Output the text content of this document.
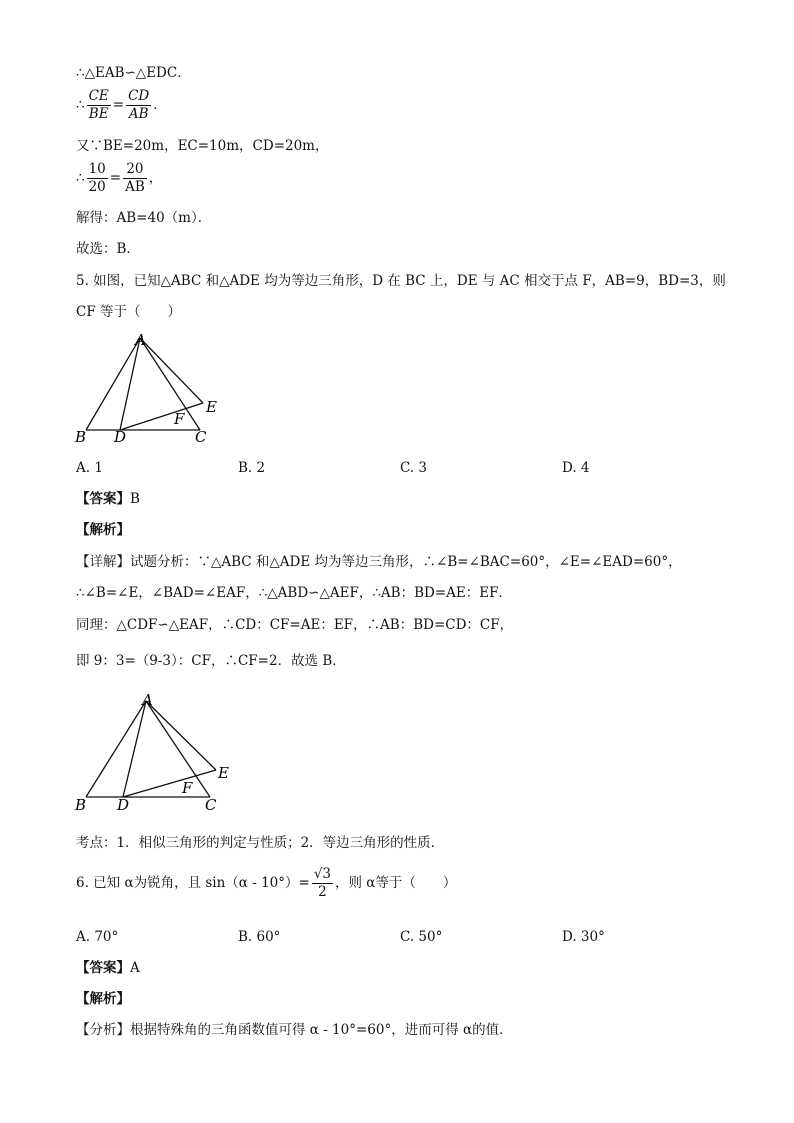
∴△EAB∽△EDC．
∴ $\frac{CE}{BE} = \frac{CD}{AB}$ ．
又∵BE=20m，EC=10m，CD=20m，
∴ $\frac{10}{20} = \frac{20}{AB}$ ，
解得：AB=40（m）．
故选：B．
5. 如图，已知△ABC 和△ADE 均为等边三角形，D 在 BC 上，DE 与 AC 相交于点 F，AB=9，BD=3，则
CF 等于（　　）
A
B D	C
E
F
A. 1	B. 2	C. 3	D. 4
【答案】B
【解析】
【详解】试题分析：∵△ABC 和△ADE 均为等边三角形，∴∠B=∠BAC=60°，∠E=∠EAD=60°，
∴∠B=∠E，∠BAD=∠EAF，∴△ABD∽△AEF，∴AB：BD=AE：EF．
同理：△CDF∽△EAF，∴CD：CF=AE：EF，∴AB：BD=CD：CF，
即 9：3=（9-3）：CF，∴CF=2．故选 B．
A
B D	C
E
F
考点：1．相似三角形的判定与性质；2．等边三角形的性质．
6. 已知 α为锐角，且 $\sin(\alpha - 10^\circ)= \frac{√3}{2}$ ，则 α等于（　　）
A. 70°	B. 60°	C. 50°	D. 30°
【答案】A
【解析】
【分析】根据特殊角的三角函数值可得 α - 10°=60°，进而可得 α的值．
